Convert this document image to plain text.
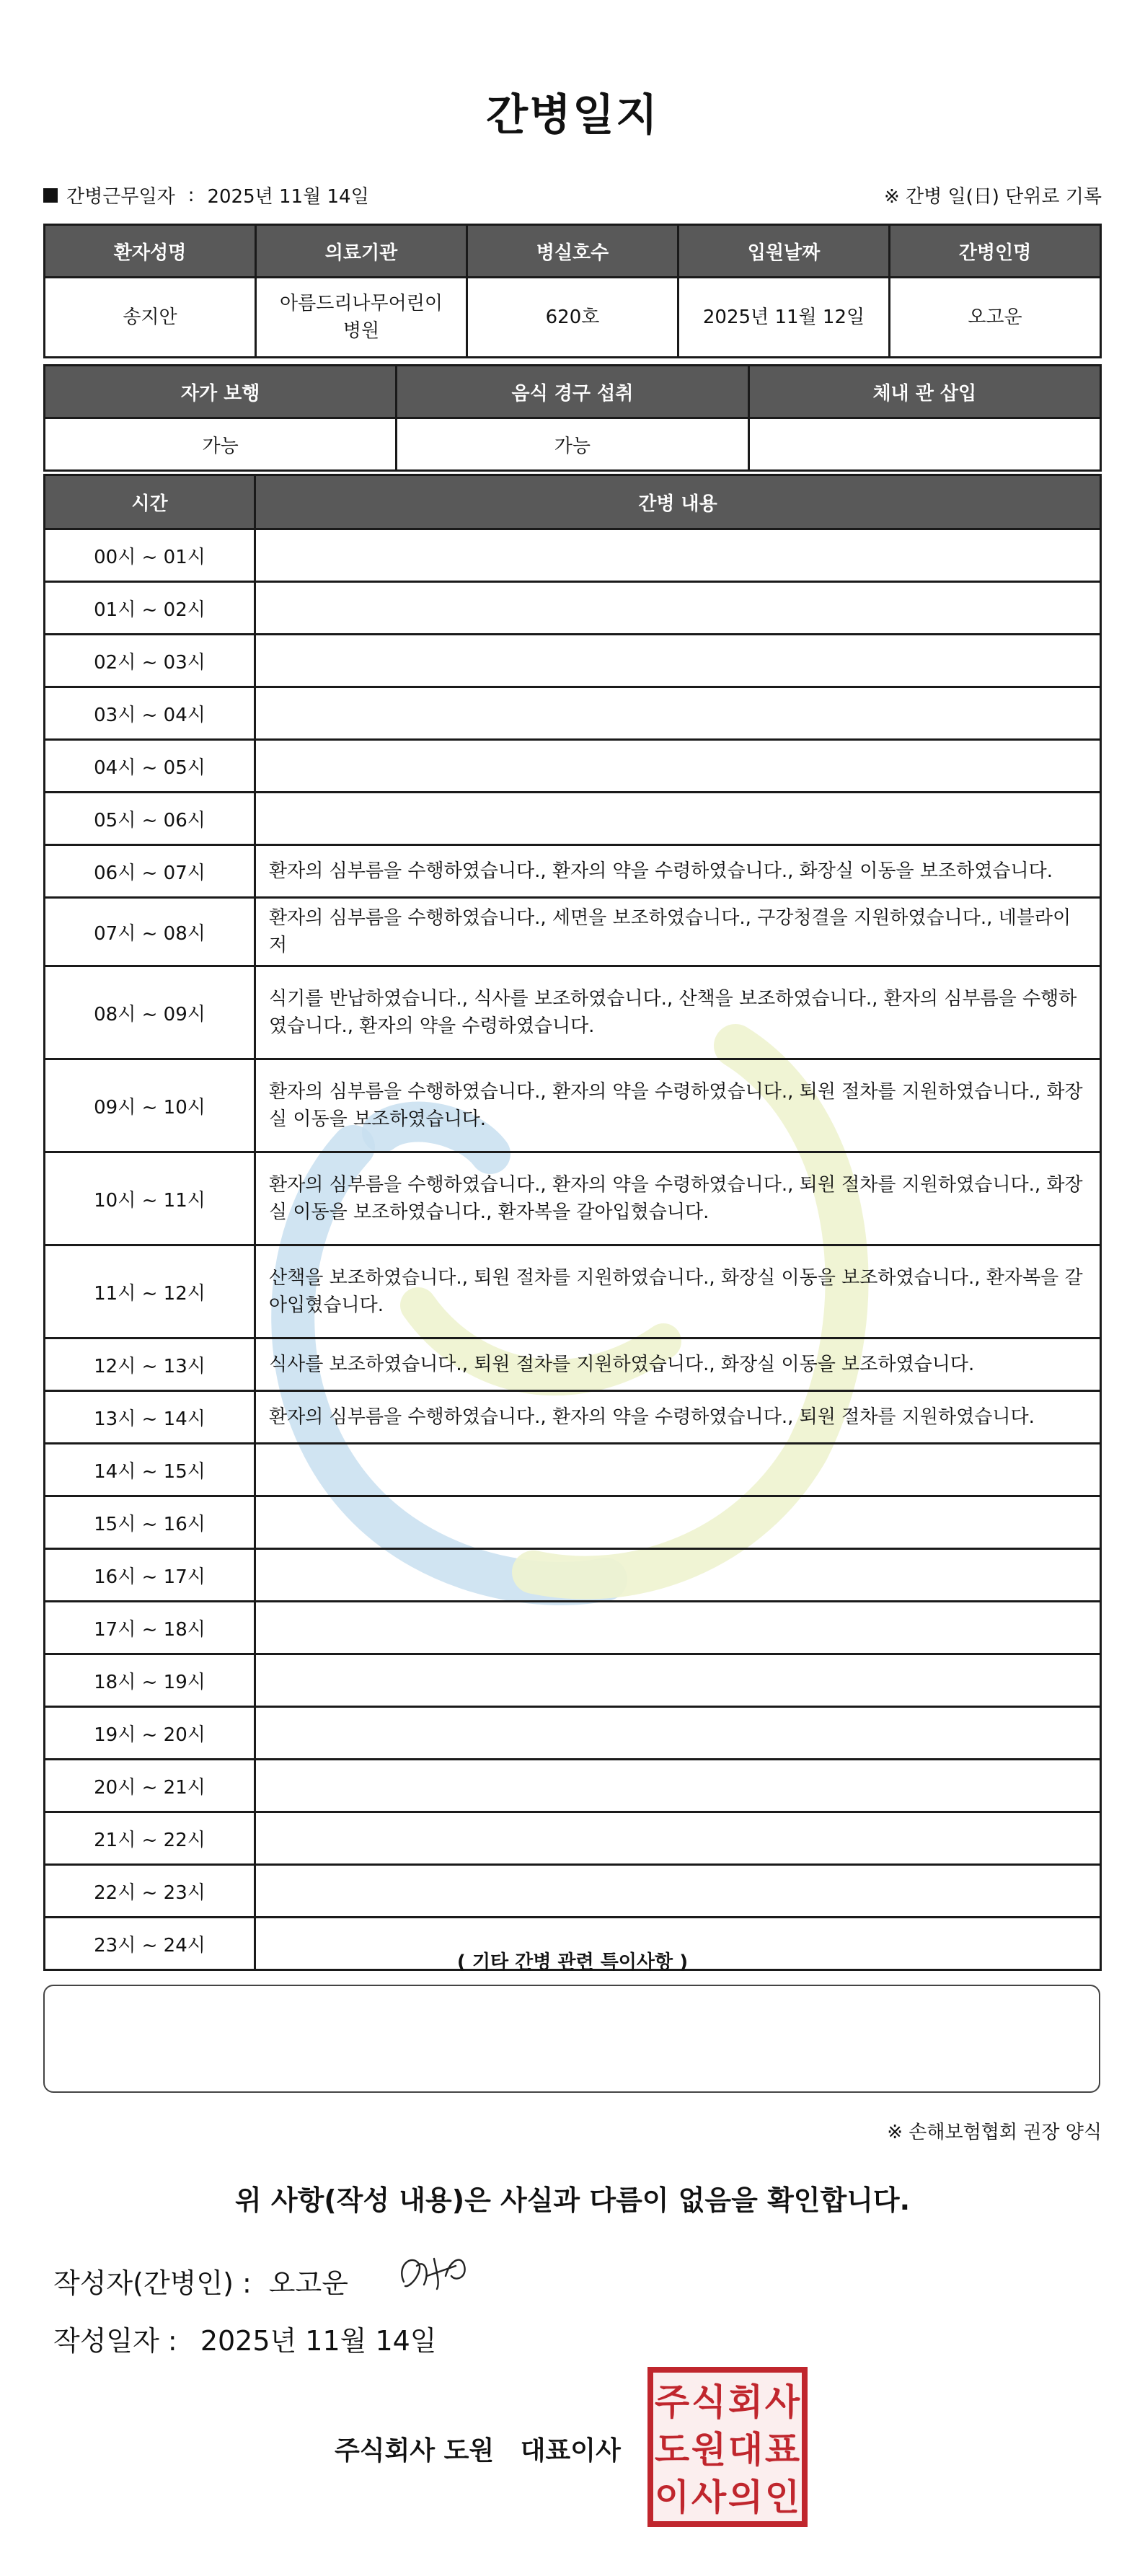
간병일지
간병근무일자 : 2025년 11월 14일	※ 간병 일(日) 단위로 기록
환자성명	의료기관	병실호수	입원날짜	간병인명
송지안	아름드리나무어린이병원	620호	2025년 11월 12일	오고운
자가 보행	음식 경구 섭취	체내 관 삽입
가능	가능	
시간	간병 내용
00시 ~ 01시	
01시 ~ 02시	
02시 ~ 03시	
03시 ~ 04시	
04시 ~ 05시	
05시 ~ 06시	
06시 ~ 07시	환자의 심부름을 수행하였습니다., 환자의 약을 수령하였습니다., 화장실 이동을 보조하였습니다.
07시 ~ 08시	환자의 심부름을 수행하였습니다., 세면을 보조하였습니다., 구강청결을 지원하였습니다., 네블라이저
08시 ~ 09시	식기를 반납하였습니다., 식사를 보조하였습니다., 산책을 보조하였습니다., 환자의 심부름을 수행하였습니다., 환자의 약을 수령하였습니다.
09시 ~ 10시	환자의 심부름을 수행하였습니다., 환자의 약을 수령하였습니다., 퇴원 절차를 지원하였습니다., 화장실 이동을 보조하였습니다.
10시 ~ 11시	환자의 심부름을 수행하였습니다., 환자의 약을 수령하였습니다., 퇴원 절차를 지원하였습니다., 화장실 이동을 보조하였습니다., 환자복을 갈아입혔습니다.
11시 ~ 12시	산책을 보조하였습니다., 퇴원 절차를 지원하였습니다., 화장실 이동을 보조하였습니다., 환자복을 갈아입혔습니다.
12시 ~ 13시	식사를 보조하였습니다., 퇴원 절차를 지원하였습니다., 화장실 이동을 보조하였습니다.
13시 ~ 14시	환자의 심부름을 수행하였습니다., 환자의 약을 수령하였습니다., 퇴원 절차를 지원하였습니다.
14시 ~ 15시	
15시 ~ 16시	
16시 ~ 17시	
17시 ~ 18시	
18시 ~ 19시	
19시 ~ 20시	
20시 ~ 21시	
21시 ~ 22시	
22시 ~ 23시	
23시 ~ 24시	
( 기타 간병 관련 특이사항 )
※ 손해보험협회 권장 양식
위 사항(작성 내용)은 사실과 다름이 없음을 확인합니다.
작성자(간병인) : 오고운
작성일자 : 2025년 11월 14일
주식회사 도원 대표이사
주 식 회 사
도 원 대 표
이 사 의 인
